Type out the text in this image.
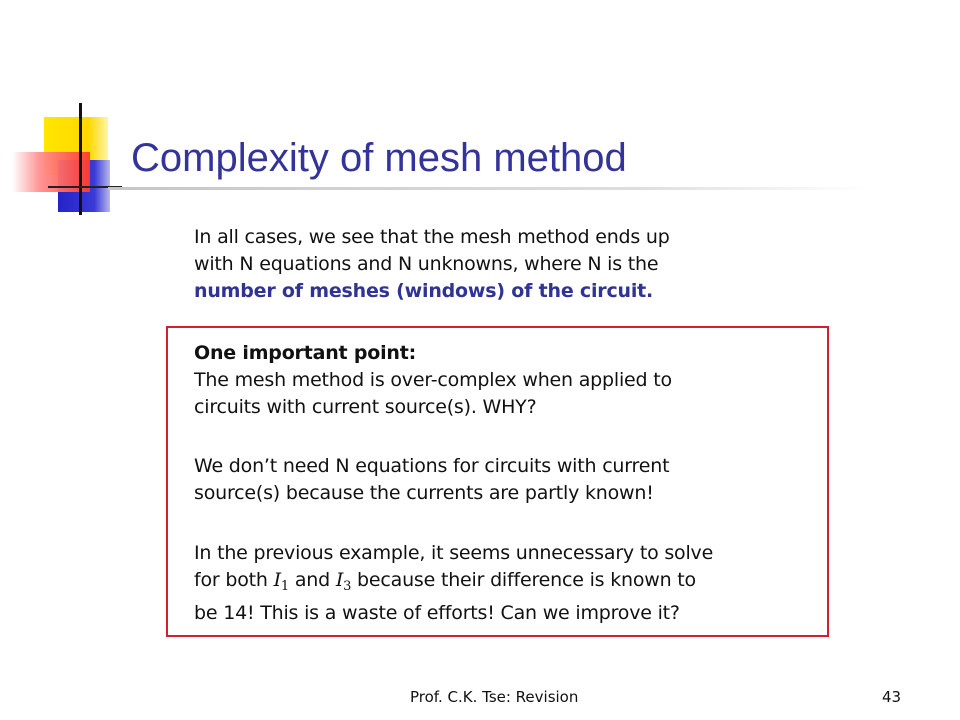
Complexity of mesh method
In all cases, we see that the mesh method ends up
with N equations and N unknowns, where N is the
number of meshes (windows) of the circuit.
One important point:
The mesh method is over-complex when applied to
circuits with current source(s). WHY?
We don’t need N equations for circuits with current
source(s) because the currents are partly known!
In the previous example, it seems unnecessary to solve
for both $I_1$ and $I_3$ because their difference is known to
be 14! This is a waste of efforts! Can we improve it?
Prof. C.K. Tse: Revision	43
